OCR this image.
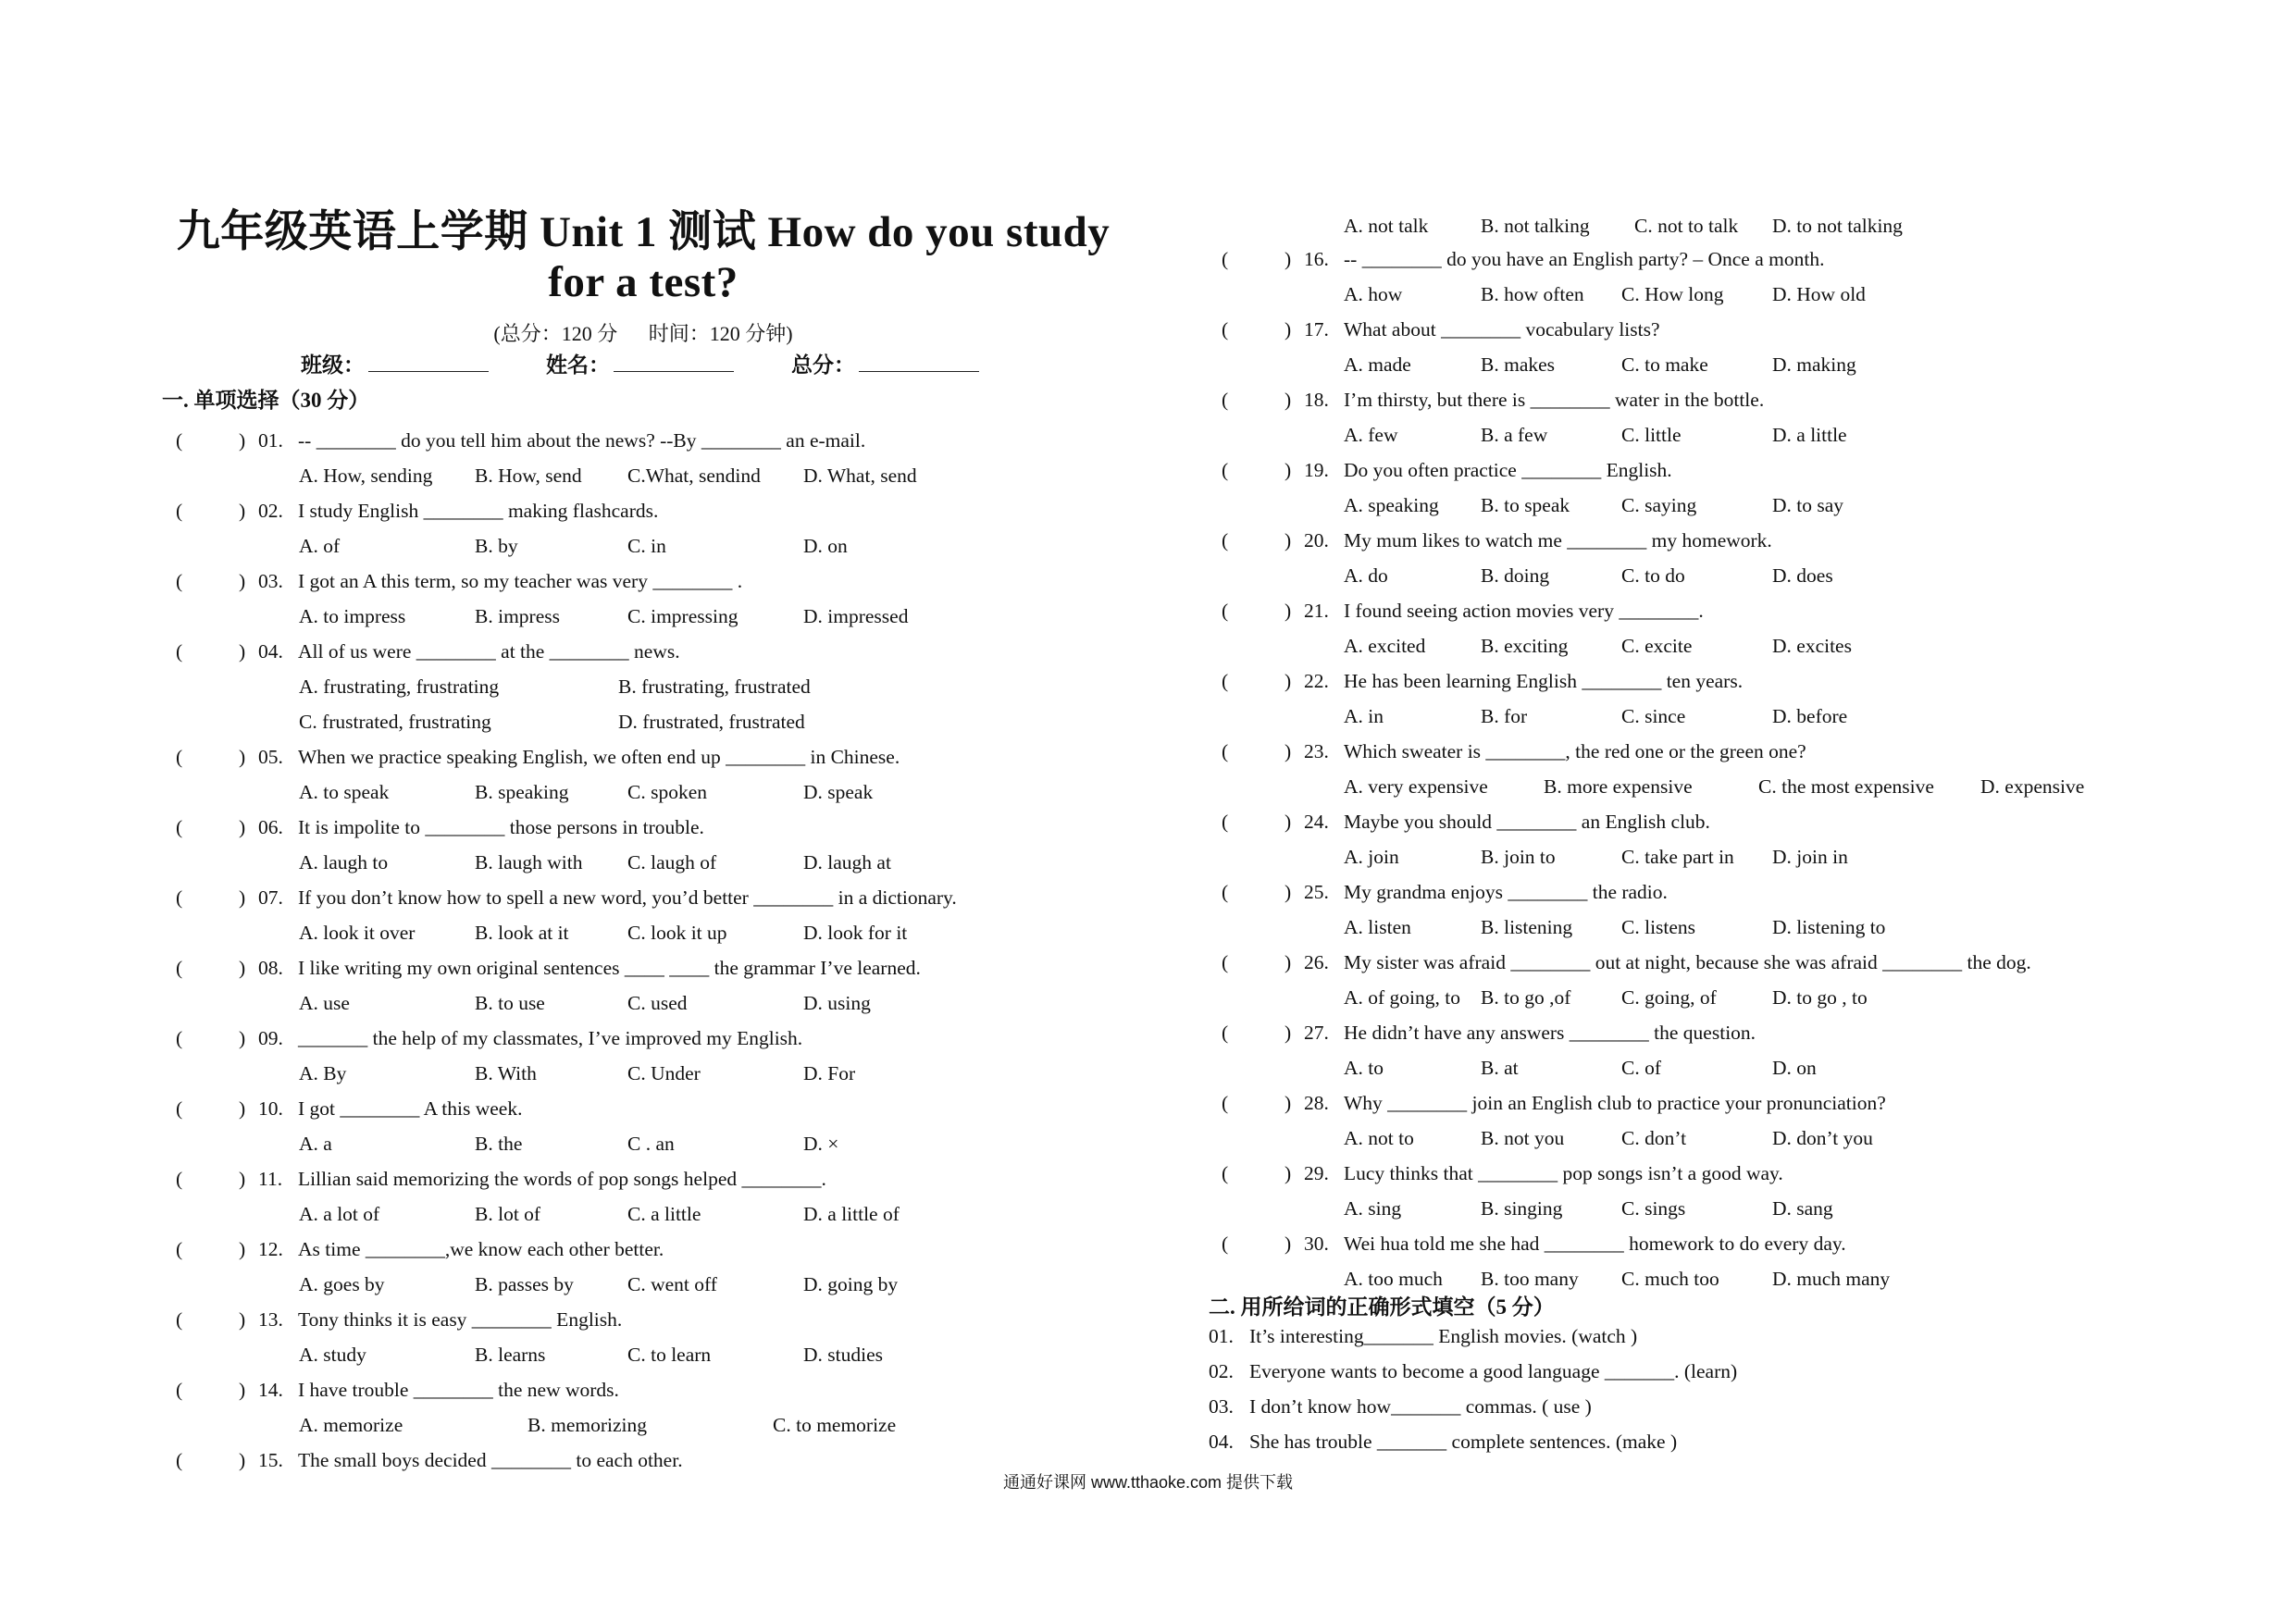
九年级英语上学期 Unit 1 测试 How do you study
for a test?
(总分：120 分 时间：120 分钟)
班级：	姓名：	总分：
一. 单项选择（30 分）
二. 用所给词的正确形式填空（5 分）
(	) 01. -- ________ do you tell him about the news? --By ________ an e-mail.
A. How, sending B. How, send C.What, sendind D. What, send
(	) 02. I study English ________ making flashcards.
A. of	B. by	C. in	D. on
(	) 03. I got an A this term, so my teacher was very ________ .
A. to impress	B. impress	C. impressing	D. impressed
(	) 04. All of us were ________ at the ________ news.
A. frustrating, frustrating	B. frustrating, frustrated
C. frustrated, frustrating	D. frustrated, frustrated
(	) 05. When we practice speaking English, we often end up ________ in Chinese.
A. to speak	B. speaking	C. spoken	D. speak
(	) 06. It is impolite to ________ those persons in trouble.
A. laugh to	B. laugh with C. laugh of	D. laugh at
(	) 07. If you don’t know how to spell a new word, you’d better ________ in a dictionary.
A. look it over	B. look at it	C. look it up	D. look for it
(	) 08. I like writing my own original sentences ____ ____ the grammar I’ve learned.
A. use	B. to use	C. used	D. using
(	) 09. _______ the help of my classmates, I’ve improved my English.
A. By	B. With	C. Under	D. For
(	) 10. I got ________ A this week.
A. a	B. the	C . an	D. ×
(	) 11. Lillian said memorizing the words of pop songs helped ________.
A. a lot of	B. lot of	C. a little	D. a little of
(	) 12. As time ________,we know each other better.
A. goes by	B. passes by	C. went off	D. going by
(	) 13. Tony thinks it is easy ________ English.
A. study	B. learns	C. to learn	D. studies
(	) 14. I have trouble ________ the new words.
A. memorize	B. memorizing	C. to memorize
(	) 15. The small boys decided ________ to each other.
A. not talk	B. not talking C. not to talk D. to not talking
(	) 16. -- ________ do you have an English party? – Once a month.
A. how	B. how often C. How long D. How old
(	) 17. What about ________ vocabulary lists?
A. made	B. makes	C. to make	D. making
(	) 18. I’m thirsty, but there is ________ water in the bottle.
A. few	B. a few	C. little	D. a little
(	) 19. Do you often practice ________ English.
A. speaking B. to speak	C. saying	D. to say
(	) 20. My mum likes to watch me ________ my homework.
A. do	B. doing	C. to do	D. does
(	) 21. I found seeing action movies very ________.
A. excited	B. exciting	C. excite	D. excites
(	) 22. He has been learning English ________ ten years.
A. in	B. for	C. since	D. before
(	) 23. Which sweater is ________, the red one or the green one?
A. very expensive	B. more expensive	C. the most expensive D. expensive
(	) 24. Maybe you should ________ an English club.
A. join	B. join to	C. take part in D. join in
(	) 25. My grandma enjoys ________ the radio.
A. listen	B. listening C. listens	D. listening to
(	) 26. My sister was afraid ________ out at night, because she was afraid ________ the dog.
A. of going, to B. to go ,of	C. going, of	D. to go , to
(	) 27. He didn’t have any answers ________ the question.
A. to	B. at	C. of	D. on
(	) 28. Why ________ join an English club to practice your pronunciation?
A. not to	B. not you	C. don’t	D. don’t you
(	) 29. Lucy thinks that ________ pop songs isn’t a good way.
A. sing	B. singing	C. sings	D. sang
(	) 30. Wei hua told me she had ________ homework to do every day.
A. too much B. too many C. much too	D. much many
01. It’s interesting_______ English movies. (watch )
02. Everyone wants to become a good language _______. (learn)
03. I don’t know how_______ commas. ( use )
04. She has trouble _______ complete sentences. (make )
通通好课网 www.tthaoke.com 提供下载
